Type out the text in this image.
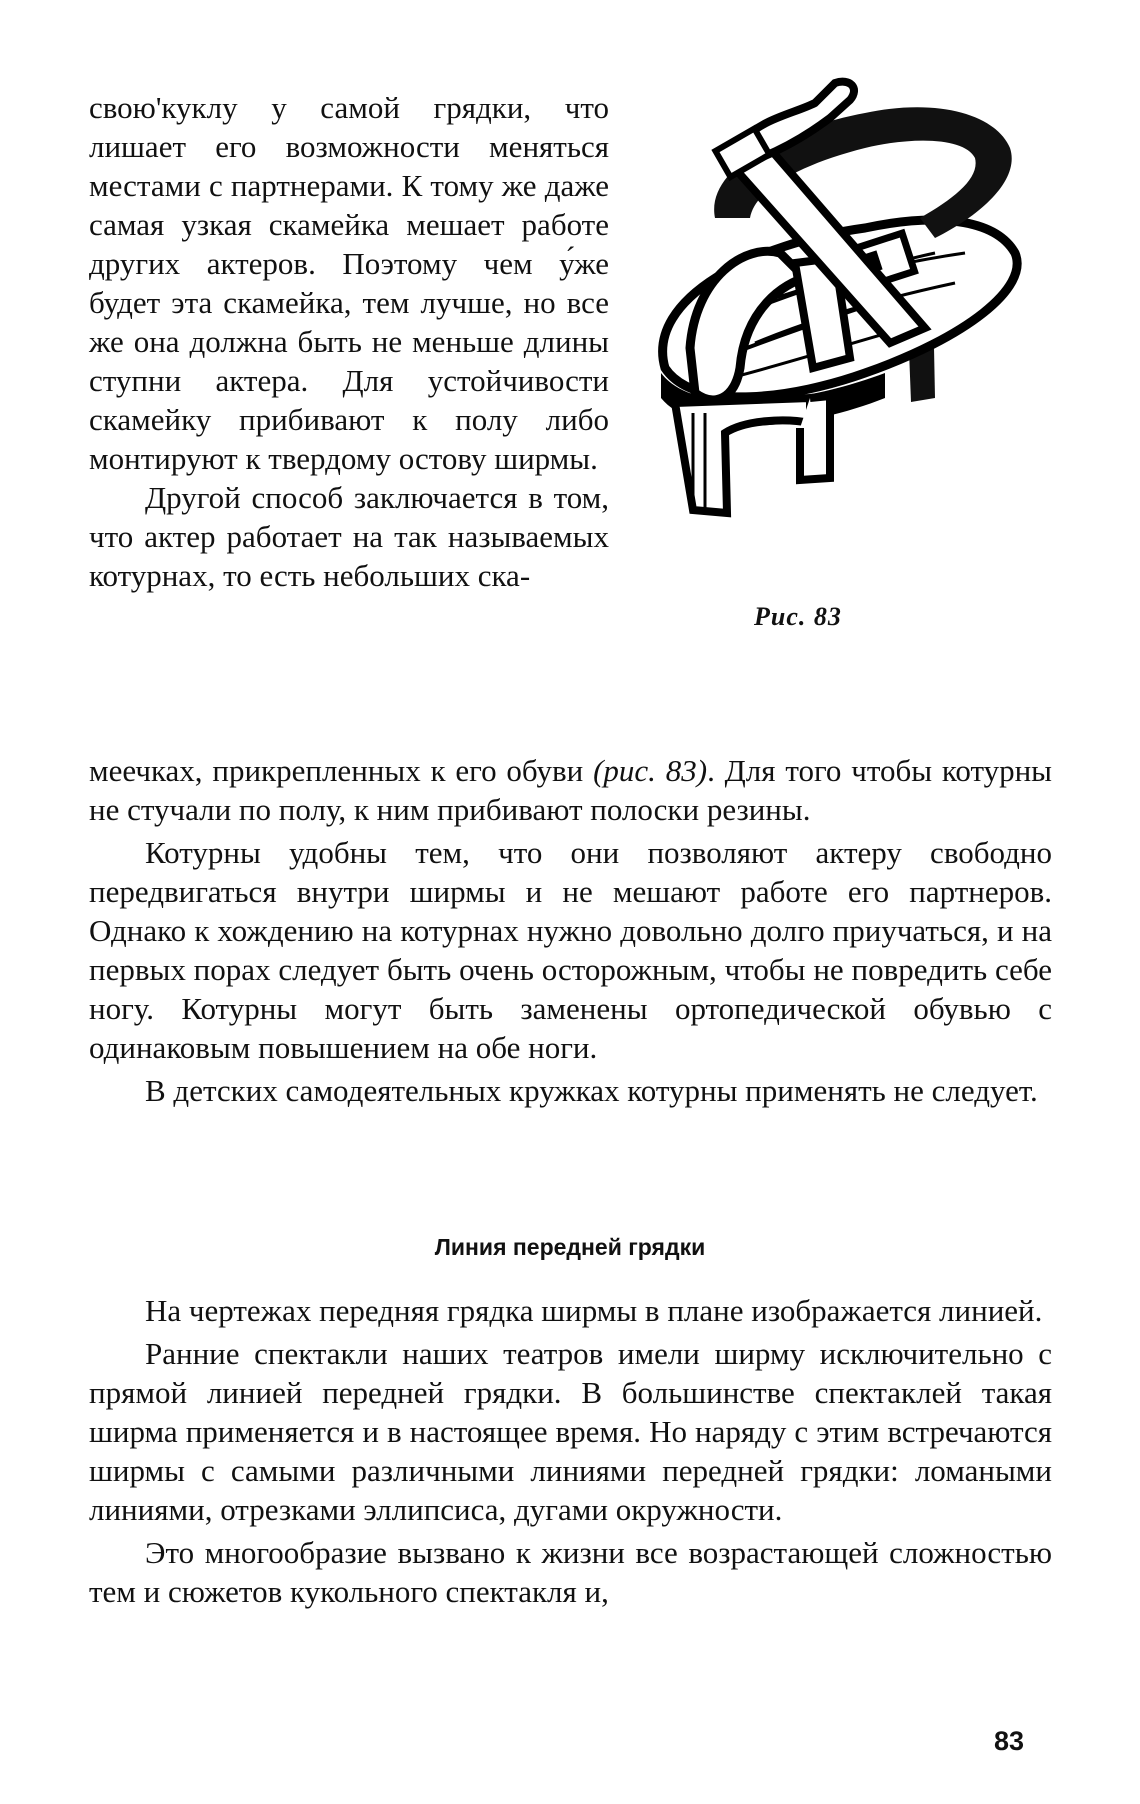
свою'куклу у самой грядки, что лишает его возможности меняться местами с партнерами. К тому же даже самая узкая скамейка мешает работе других актеров. Поэтому чем у́же будет эта скамейка, тем лучше, но все же она должна быть не меньше длины ступни актера. Для устойчивости скамейку прибивают к полу либо монтируют к твердому остову ширмы.

Другой способ заключается в том, что актер работает на так называемых котурнах, то есть небольших ска-

Рис. 83

меечках, прикрепленных к его обуви (рис. 83). Для того чтобы котурны не стучали по полу, к ним прибивают полоски резины.

Котурны удобны тем, что они позволяют актеру свободно передвигаться внутри ширмы и не мешают работе его партнеров. Однако к хождению на котурнах нужно довольно долго приучаться, и на первых порах следует быть очень осторожным, чтобы не повредить себе ногу. Котурны могут быть заменены ортопедической обувью с одинаковым повышением на обе ноги.

В детских самодеятельных кружках котурны применять не следует.

Линия передней грядки

На чертежах передняя грядка ширмы в плане изображается линией.

Ранние спектакли наших театров имели ширму исключительно с прямой линией передней грядки. В большинстве спектаклей такая ширма применяется и в настоящее время. Но наряду с этим встречаются ширмы с самыми различными линиями передней грядки: ломаными линиями, отрезками эллипсиса, дугами окружности.

Это многообразие вызвано к жизни все возрастающей сложностью тем и сюжетов кукольного спектакля и,

83
